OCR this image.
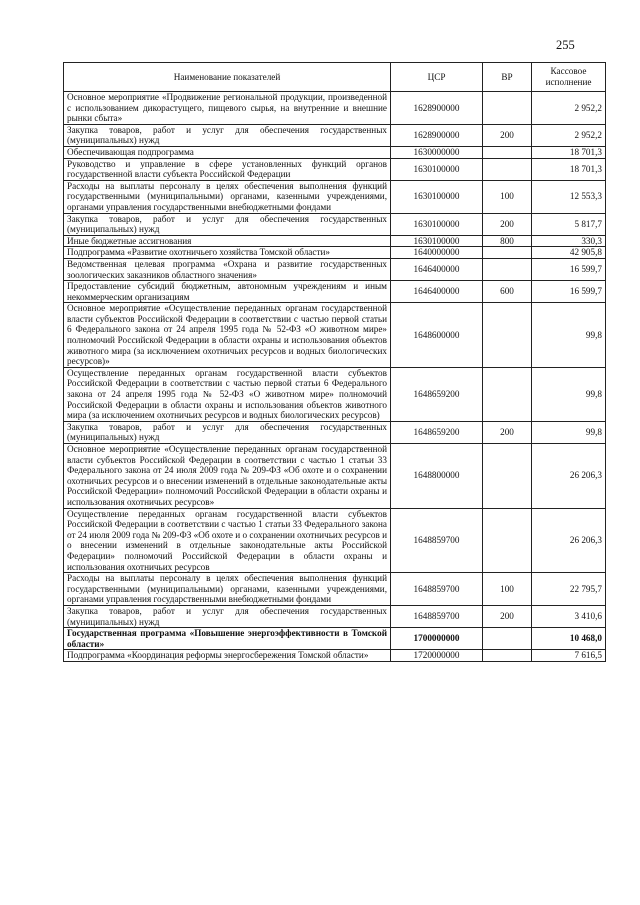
255
Наименование показателей	ЦСР	ВР	Кассовое исполнение
Основное мероприятие «Продвижение региональной продукции, произведенной с использованием дикорастущего, пищевого сырья, на внутренние и внешние рынки сбыта»	1628900000		2 952,2
Закупка товаров, работ и услуг для обеспечения государственных (муниципальных) нужд	1628900000	200	2 952,2
Обеспечивающая подпрограмма	1630000000		18 701,3
Руководство и управление в сфере установленных функций органов государственной власти субъекта Российской Федерации	1630100000		18 701,3
Расходы на выплаты персоналу в целях обеспечения выполнения функций государственными (муниципальными) органами, казенными учреждениями, органами управления государственными внебюджетными фондами	1630100000	100	12 553,3
Закупка товаров, работ и услуг для обеспечения государственных (муниципальных) нужд	1630100000	200	5 817,7
Иные бюджетные ассигнования	1630100000	800	330,3
Подпрограмма «Развитие охотничьего хозяйства Томской области»	1640000000		42 905,8
Ведомственная целевая программа «Охрана и развитие государственных зоологических заказников областного значения»	1646400000		16 599,7
Предоставление субсидий бюджетным, автономным учреждениям и иным некоммерческим организациям	1646400000	600	16 599,7
Основное мероприятие «Осуществление переданных органам государственной власти субъектов Российской Федерации в соответствии с частью первой статьи 6 Федерального закона от 24 апреля 1995 года № 52-ФЗ «О животном мире» полномочий Российской Федерации в области охраны и использования объектов животного мира (за исключением охотничьих ресурсов и водных биологических ресурсов)»	1648600000		99,8
Осуществление переданных органам государственной власти субъектов Российской Федерации в соответствии с частью первой статьи 6 Федерального закона от 24 апреля 1995 года № 52-ФЗ «О животном мире» полномочий Российской Федерации в области охраны и использования объектов животного мира (за исключением охотничьих ресурсов и водных биологических ресурсов)	1648659200		99,8
Закупка товаров, работ и услуг для обеспечения государственных (муниципальных) нужд	1648659200	200	99,8
Основное мероприятие «Осуществление переданных органам государственной власти субъектов Российской Федерации в соответствии с частью 1 статьи 33 Федерального закона от 24 июля 2009 года № 209-ФЗ «Об охоте и о сохранении охотничьих ресурсов и о внесении изменений в отдельные законодательные акты Российской Федерации» полномочий Российской Федерации в области охраны и использования охотничьих ресурсов»	1648800000		26 206,3
Осуществление переданных органам государственной власти субъектов Российской Федерации в соответствии с частью 1 статьи 33 Федерального закона от 24 июля 2009 года № 209-ФЗ «Об охоте и о сохранении охотничьих ресурсов и о внесении изменений в отдельные законодательные акты Российской Федерации» полномочий Российской Федерации в области охраны и использования охотничьих ресурсов	1648859700		26 206,3
Расходы на выплаты персоналу в целях обеспечения выполнения функций государственными (муниципальными) органами, казенными учреждениями, органами управления государственными внебюджетными фондами	1648859700	100	22 795,7
Закупка товаров, работ и услуг для обеспечения государственных (муниципальных) нужд	1648859700	200	3 410,6
Государственная программа «Повышение энергоэффективности в Томской области»	1700000000		10 468,0
Подпрограмма «Координация реформы энергосбережения Томской области»	1720000000		7 616,5
